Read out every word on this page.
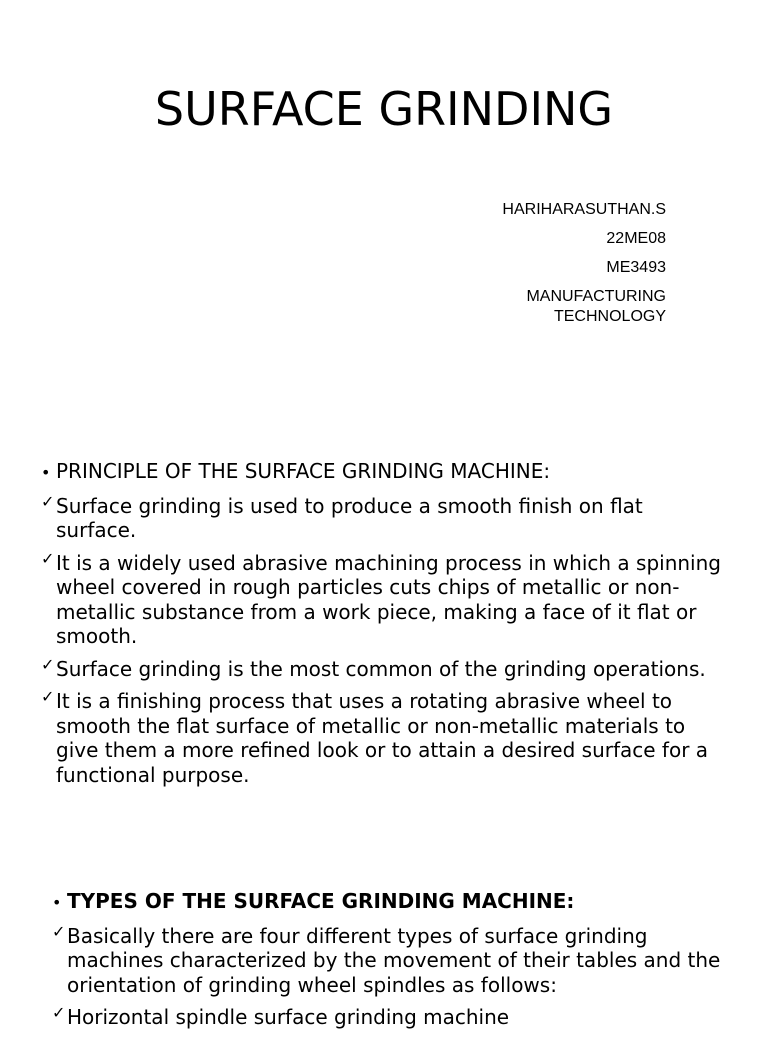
SURFACE GRINDING
HARIHARASUTHAN.S
22ME08
ME3493
MANUFACTURING TECHNOLOGY
• PRINCIPLE OF THE SURFACE GRINDING MACHINE:
✓ Surface grinding is used to produce a smooth finish on flat surface.
✓ It is a widely used abrasive machining process in which a spinning wheel covered in rough particles cuts chips of metallic or non-metallic substance from a work piece, making a face of it flat or smooth.
✓ Surface grinding is the most common of the grinding operations.
✓ It is a finishing process that uses a rotating abrasive wheel to smooth the flat surface of metallic or non-metallic materials to give them a more refined look or to attain a desired surface for a functional purpose.
• TYPES OF THE SURFACE GRINDING MACHINE:
✓ Basically there are four different types of surface grinding machines characterized by the movement of their tables and the orientation of grinding wheel spindles as follows:
✓ Horizontal spindle surface grinding machine
